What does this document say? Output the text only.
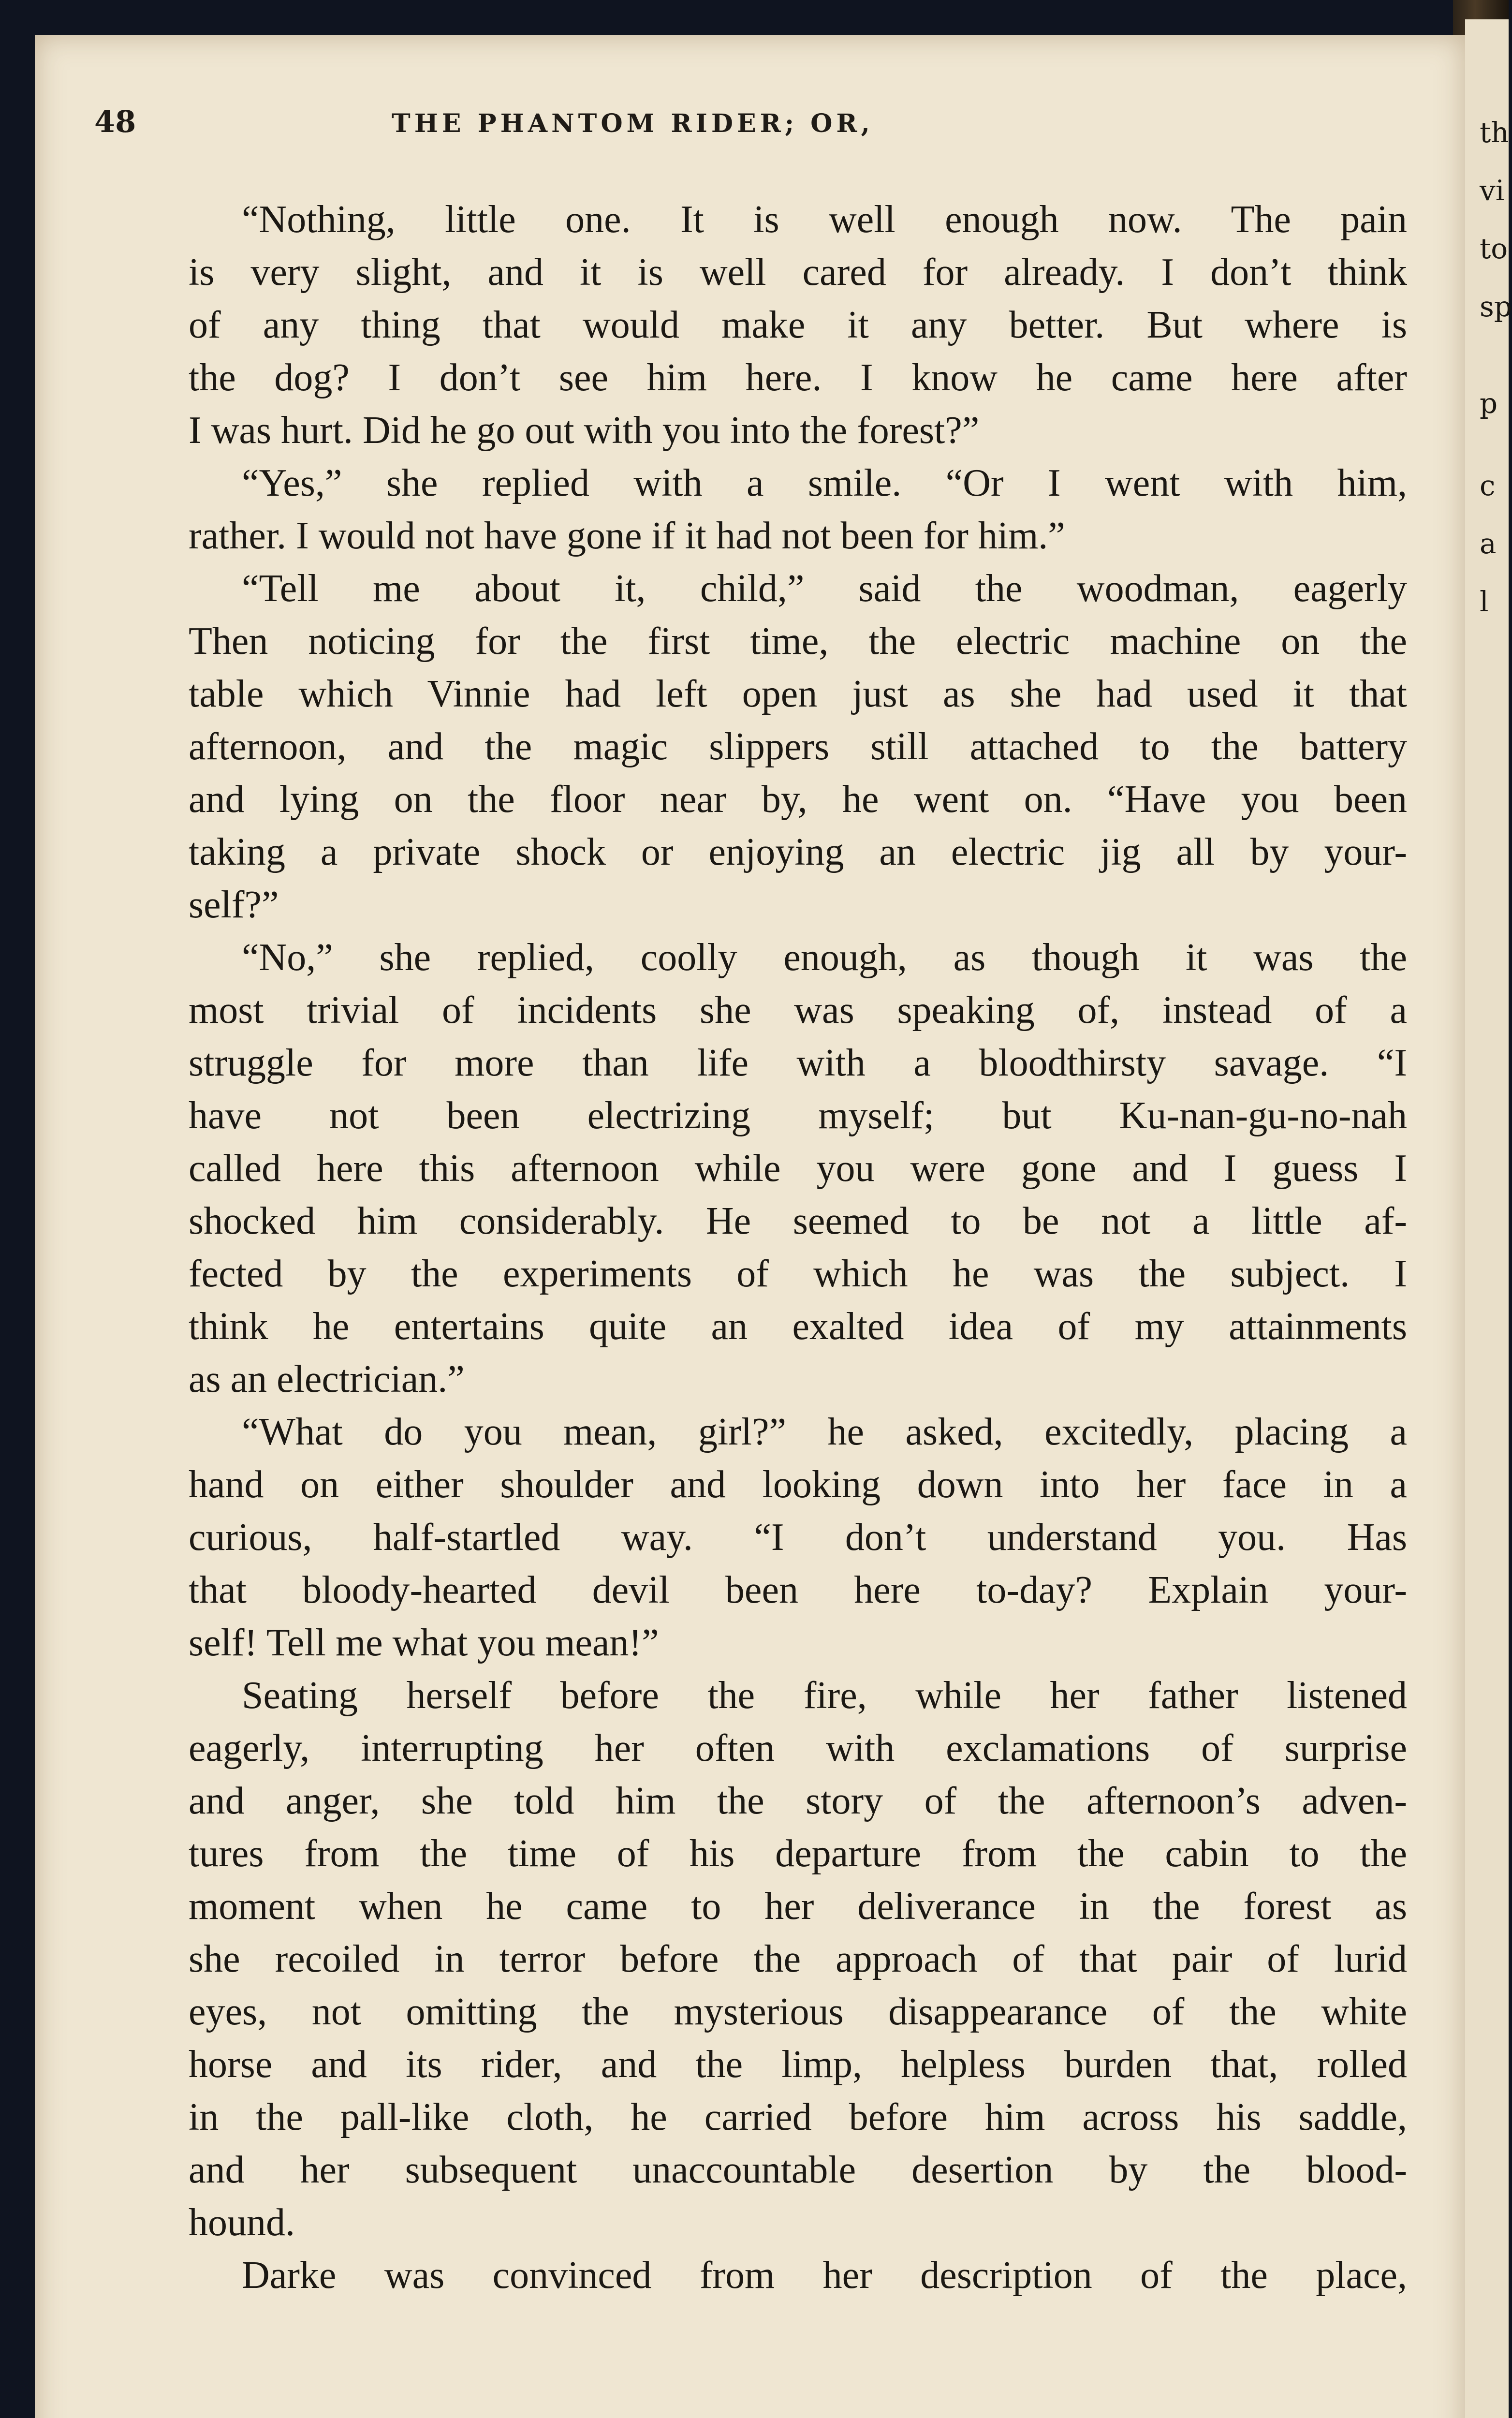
th
vi
to
sp
p
c
a
l
48	THE PHANTOM RIDER; OR,
“Nothing, little one. It is well enough now. The pain
is very slight, and it is well cared for already. I don’t think
of any thing that would make it any better. But where is
the dog? I don’t see him here. I know he came here after
I was hurt. Did he go out with you into the forest?”
“Yes,” she replied with a smile. “Or I went with him,
rather. I would not have gone if it had not been for him.”
“Tell me about it, child,” said the woodman, eagerly
Then noticing for the first time, the electric machine on the
table which Vinnie had left open just as she had used it that
afternoon, and the magic slippers still attached to the battery
and lying on the floor near by, he went on. “Have you been
taking a private shock or enjoying an electric jig all by your-
self?”
“No,” she replied, coolly enough, as though it was the
most trivial of incidents she was speaking of, instead of a
struggle for more than life with a bloodthirsty savage. “I
have not been electrizing myself; but Ku-nan-gu-no-nah
called here this afternoon while you were gone and I guess I
shocked him considerably. He seemed to be not a little af-
fected by the experiments of which he was the subject. I
think he entertains quite an exalted idea of my attainments
as an electrician.”
“What do you mean, girl?” he asked, excitedly, placing a
hand on either shoulder and looking down into her face in a
curious, half-startled way. “I don’t understand you. Has
that bloody-hearted devil been here to-day? Explain your-
self! Tell me what you mean!”
Seating herself before the fire, while her father listened
eagerly, interrupting her often with exclamations of surprise
and anger, she told him the story of the afternoon’s adven-
tures from the time of his departure from the cabin to the
moment when he came to her deliverance in the forest as
she recoiled in terror before the approach of that pair of lurid
eyes, not omitting the mysterious disappearance of the white
horse and its rider, and the limp, helpless burden that, rolled
in the pall-like cloth, he carried before him across his saddle,
and her subsequent unaccountable desertion by the blood-
hound.
Darke was convinced from her description of the place,
